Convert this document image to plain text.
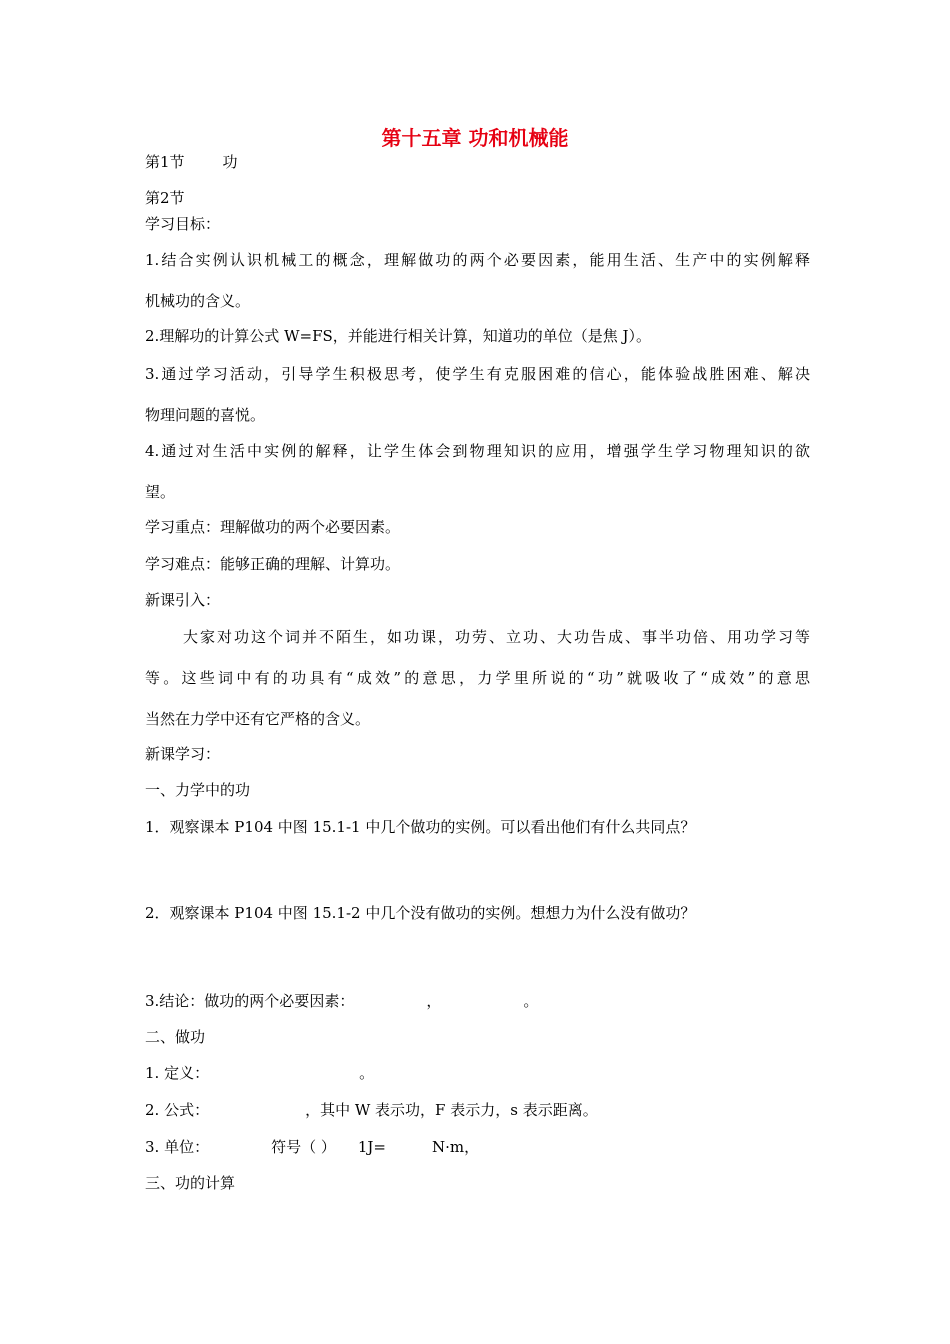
第十五章 功和机械能
第1节	功
第2节
学习目标：
1.结合实例认识机械工的概念，理解做功的两个必要因素，能用生活、生产中的实例解释
机械功的含义。
2.理解功的计算公式 W=FS，并能进行相关计算，知道功的单位（是焦 J）。
3.通过学习活动，引导学生积极思考，使学生有克服困难的信心，能体验战胜困难、解决
物理问题的喜悦。
4.通过对生活中实例的解释，让学生体会到物理知识的应用，增强学生学习物理知识的欲
望。
学习重点：理解做功的两个必要因素。
学习难点：能够正确的理解、计算功。
新课引入：
大家对功这个词并不陌生，如功课，功劳、立功、大功告成、事半功倍、用功学习等
等。这些词中有的功具有“成效”的意思，力学里所说的“功”就吸收了“成效”的意思
当然在力学中还有它严格的含义。
新课学习：
一、力学中的功
1．观察课本 P104 中图 15.1-1 中几个做功的实例。可以看出他们有什么共同点？
2．观察课本 P104 中图 15.1-2 中几个没有做功的实例。想想力为什么没有做功？
3.结论：做功的两个必要因素：	，	。
二、做功
1. 定义：	。
2. 公式：	，其中 W 表示功，F 表示力，s 表示距离。
3. 单位：	符号（ ） 1J=	N·m，
三、功的计算
